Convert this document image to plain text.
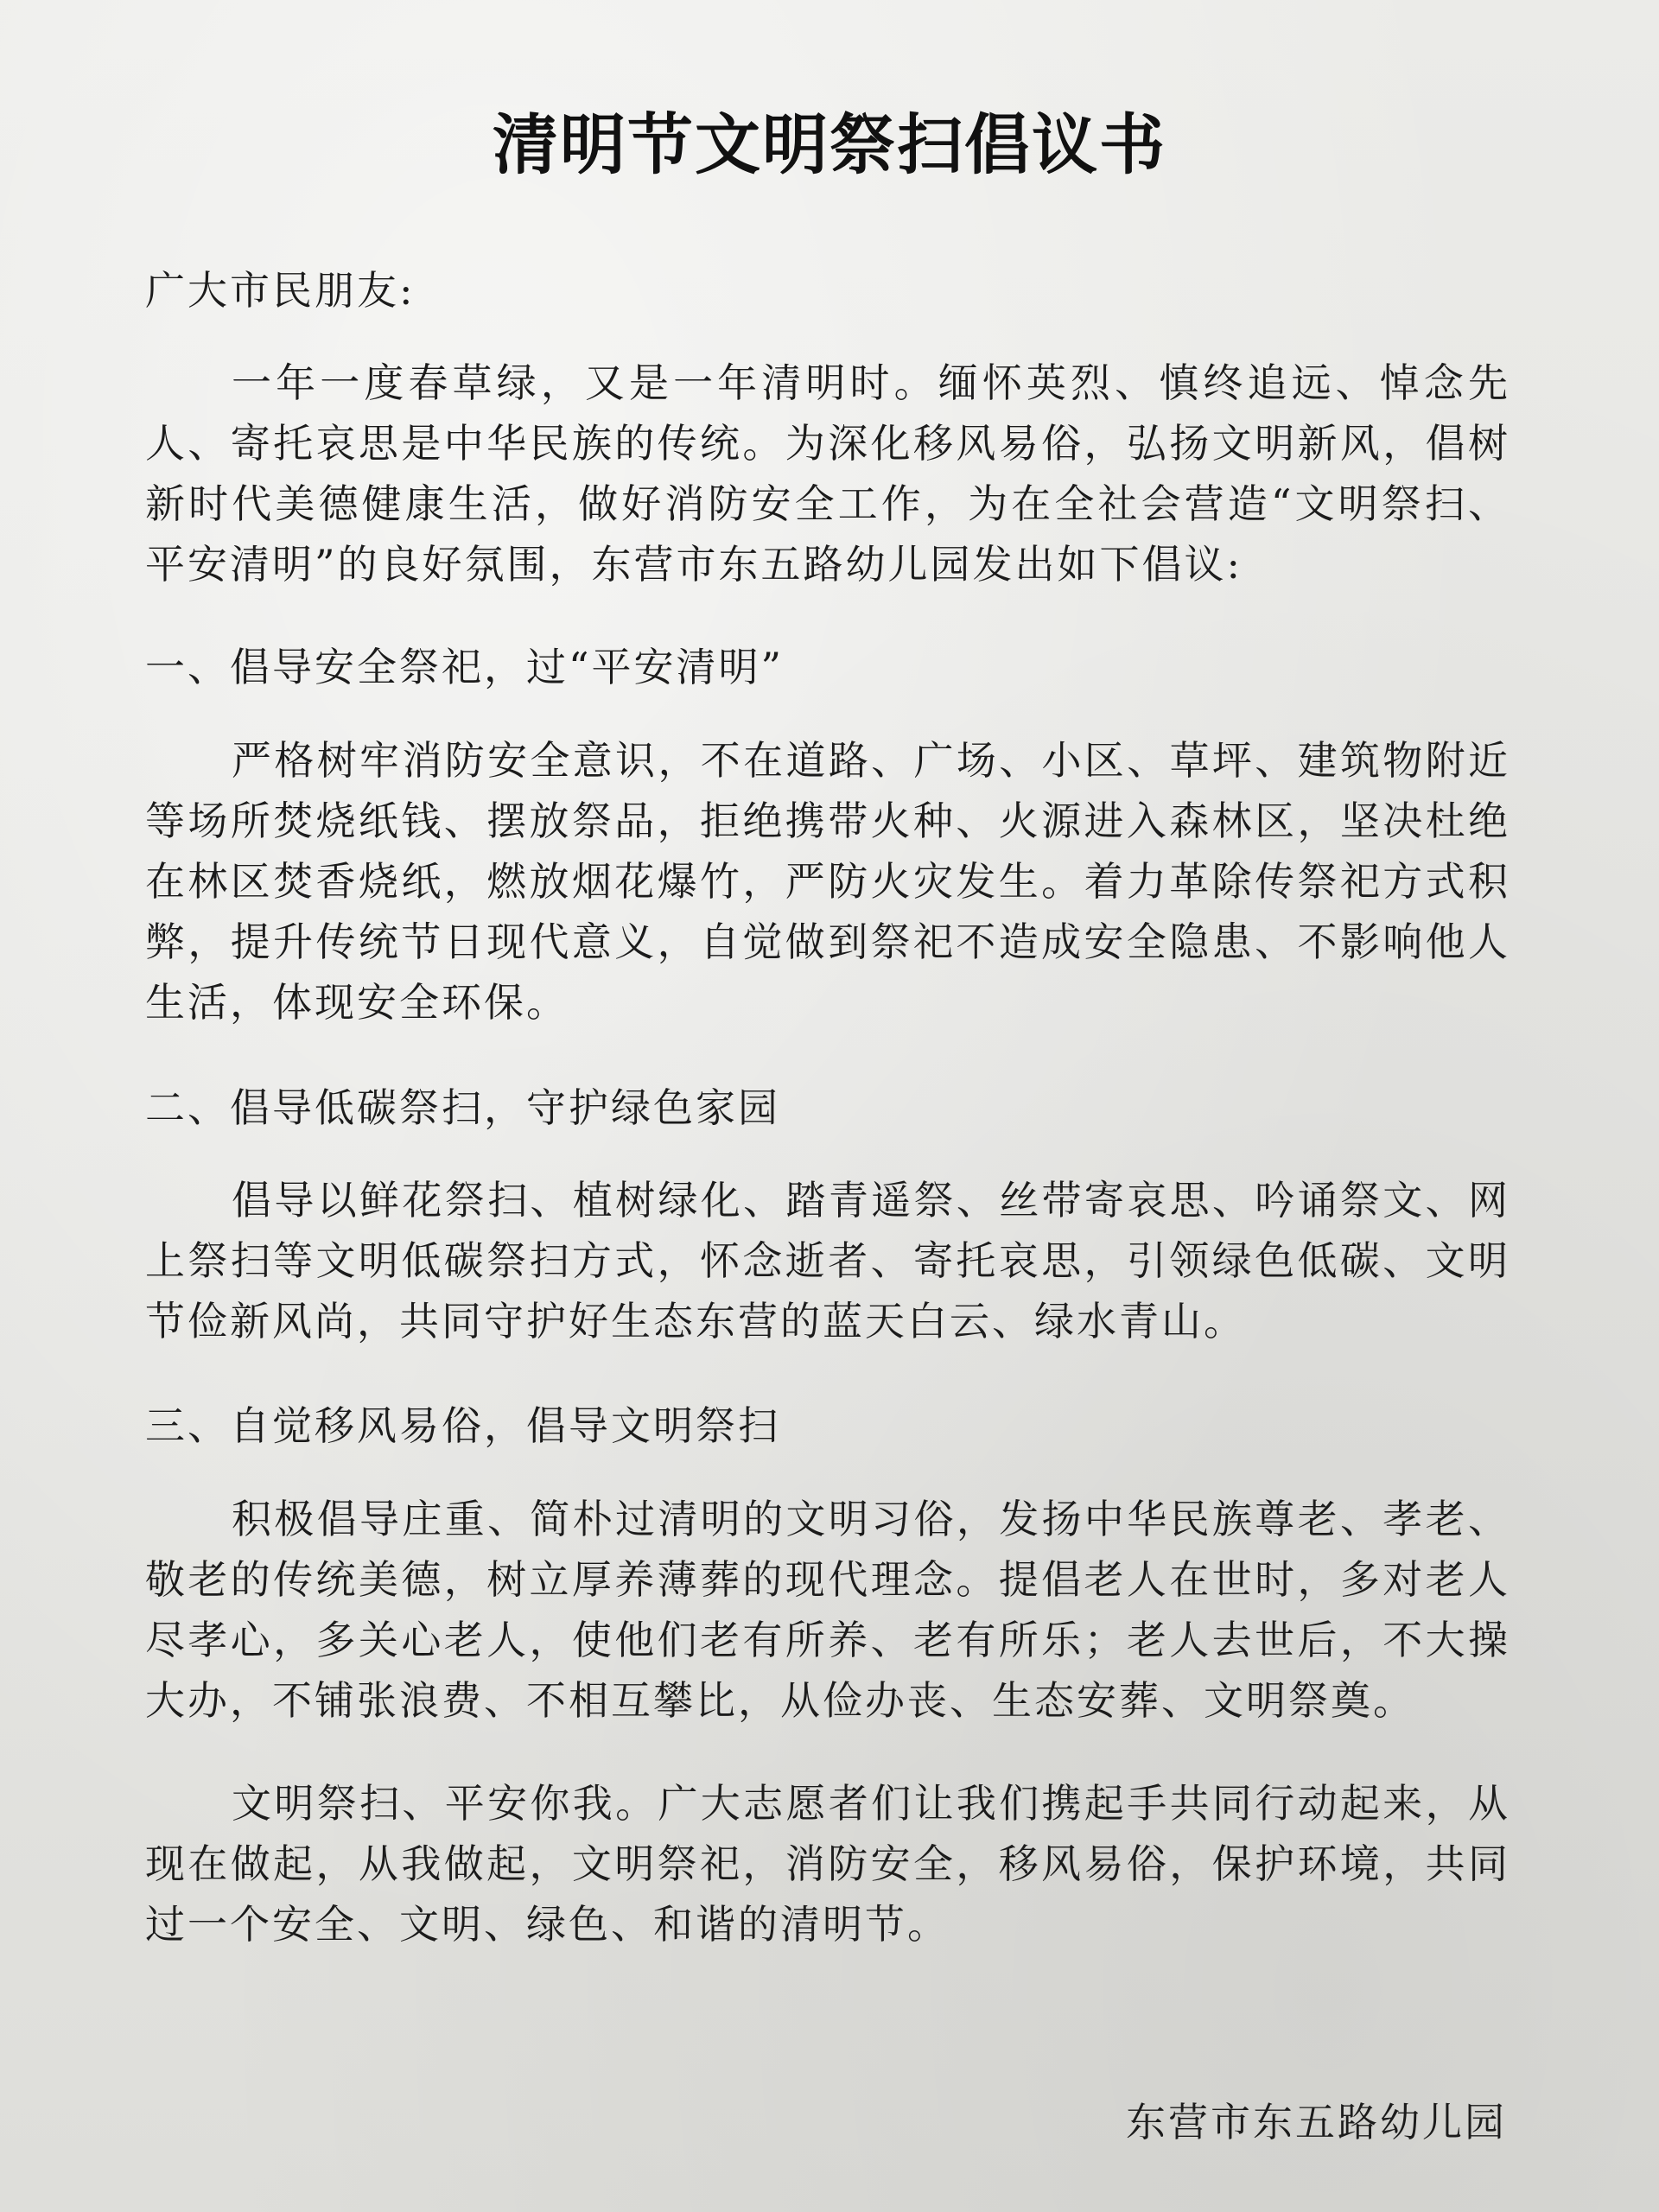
清明节文明祭扫倡议书
广大市民朋友:
一年一度春草绿，又是一年清明时。缅怀英烈、慎终追远、悼念先人、寄托哀思是中华民族的传统。为深化移风易俗，弘扬文明新风，倡树新时代美德健康生活，做好消防安全工作，为在全社会营造“文明祭扫、平安清明”的良好氛围，东营市东五路幼儿园发出如下倡议:
一、倡导安全祭祀，过“平安清明”
严格树牢消防安全意识，不在道路、广场、小区、草坪、建筑物附近等场所焚烧纸钱、摆放祭品，拒绝携带火种、火源进入森林区，坚决杜绝在林区焚香烧纸，燃放烟花爆竹，严防火灾发生。着力革除传祭祀方式积弊，提升传统节日现代意义，自觉做到祭祀不造成安全隐患、不影响他人生活，体现安全环保。
二、倡导低碳祭扫，守护绿色家园
倡导以鲜花祭扫、植树绿化、踏青遥祭、丝带寄哀思、吟诵祭文、网上祭扫等文明低碳祭扫方式，怀念逝者、寄托哀思，引领绿色低碳、文明节俭新风尚，共同守护好生态东营的蓝天白云、绿水青山。
三、自觉移风易俗，倡导文明祭扫
积极倡导庄重、简朴过清明的文明习俗，发扬中华民族尊老、孝老、敬老的传统美德，树立厚养薄葬的现代理念。提倡老人在世时，多对老人尽孝心，多关心老人，使他们老有所养、老有所乐；老人去世后，不大操大办，不铺张浪费、不相互攀比，从俭办丧、生态安葬、文明祭奠。
文明祭扫、平安你我。广大志愿者们让我们携起手共同行动起来，从现在做起，从我做起，文明祭祀，消防安全，移风易俗，保护环境，共同过一个安全、文明、绿色、和谐的清明节。
东营市东五路幼儿园
